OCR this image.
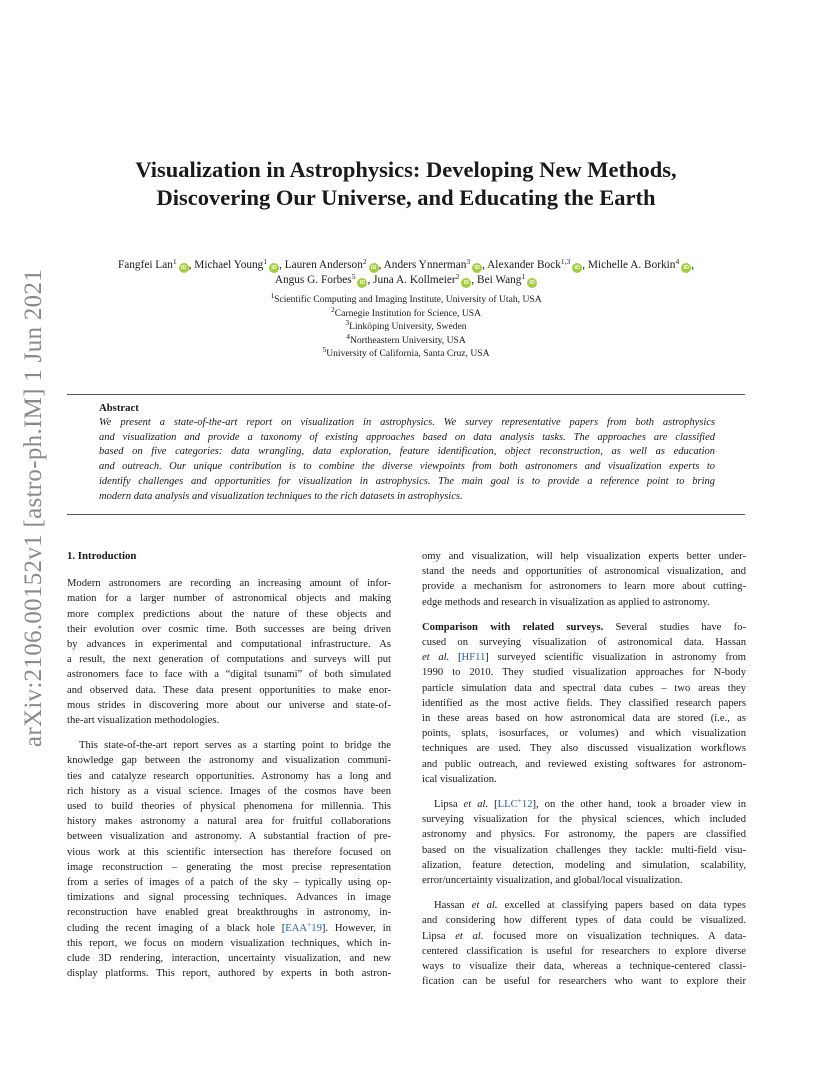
arXiv:2106.00152v1 [astro-ph.IM] 1 Jun 2021
Visualization in Astrophysics: Developing New Methods,
Discovering Our Universe, and Educating the Earth
Fangfei Lan$^1$iD , Michael Young$^1$iD , Lauren Anderson$^2$iD , Anders Ynnerman$^3$iD , Alexander Bock$^{1,3}$iD , Michelle A. Borkin$^4$iD ,
Angus G. Forbes$^5$iD , Juna A. Kollmeier$^2$iD , Bei Wang$^1$iD
$^1$Scientific Computing and Imaging Institute, University of Utah, USA
$^2$Carnegie Institution for Science, USA
$^3$Linköping University, Sweden
$^4$Northeastern University, USA
$^5$University of California, Santa Cruz, USA
Abstract
We present a state-of-the-art report on visualization in astrophysics. We survey representative papers from both astrophysics
and visualization and provide a taxonomy of existing approaches based on data analysis tasks. The approaches are classified
based on five categories: data wrangling, data exploration, feature identification, object reconstruction, as well as education
and outreach. Our unique contribution is to combine the diverse viewpoints from both astronomers and visualization experts to
identify challenges and opportunities for visualization in astrophysics. The main goal is to provide a reference point to bring
modern data analysis and visualization techniques to the rich datasets in astrophysics.
1. Introduction

Modern astronomers are recording an increasing amount of infor-
mation for a larger number of astronomical objects and making
more complex predictions about the nature of these objects and
their evolution over cosmic time. Both successes are being driven
by advances in experimental and computational infrastructure. As
a result, the next generation of computations and surveys will put
astronomers face to face with a “digital tsunami” of both simulated
and observed data. These data present opportunities to make enor-
mous strides in discovering more about our universe and state-of-
the-art visualization methodologies.

This state-of-the-art report serves as a starting point to bridge the
knowledge gap between the astronomy and visualization communi-
ties and catalyze research opportunities. Astronomy has a long and
rich history as a visual science. Images of the cosmos have been
used to build theories of physical phenomena for millennia. This
history makes astronomy a natural area for fruitful collaborations
between visualization and astronomy. A substantial fraction of pre-
vious work at this scientific intersection has therefore focused on
image reconstruction – generating the most precise representation
from a series of images of a patch of the sky – typically using op-
timizations and signal processing techniques. Advances in image
reconstruction have enabled great breakthroughs in astronomy, in-
cluding the recent imaging of a black hole [EAA+19]. However, in
this report, we focus on modern visualization techniques, which in-
clude 3D rendering, interaction, uncertainty visualization, and new
display platforms. This report, authored by experts in both astron-

omy and visualization, will help visualization experts better under-
stand the needs and opportunities of astronomical visualization, and
provide a mechanism for astronomers to learn more about cutting-
edge methods and research in visualization as applied to astronomy.

Comparison with related surveys. Several studies have fo-
cused on surveying visualization of astronomical data. Hassan
et al. [HF11] surveyed scientific visualization in astronomy from
1990 to 2010. They studied visualization approaches for N-body
particle simulation data and spectral data cubes – two areas they
identified as the most active fields. They classified research papers
in these areas based on how astronomical data are stored (i.e., as
points, splats, isosurfaces, or volumes) and which visualization
techniques are used. They also discussed visualization workflows
and public outreach, and reviewed existing softwares for astronom-
ical visualization.

Lipsa et al. [LLC+12], on the other hand, took a broader view in
surveying visualization for the physical sciences, which included
astronomy and physics. For astronomy, the papers are classified
based on the visualization challenges they tackle: multi-field visu-
alization, feature detection, modeling and simulation, scalability,
error/uncertainty visualization, and global/local visualization.

Hassan et al. excelled at classifying papers based on data types
and considering how different types of data could be visualized.
Lipsa et al. focused more on visualization techniques. A data-
centered classification is useful for researchers to explore diverse
ways to visualize their data, whereas a technique-centered classi-
fication can be useful for researchers who want to explore their
